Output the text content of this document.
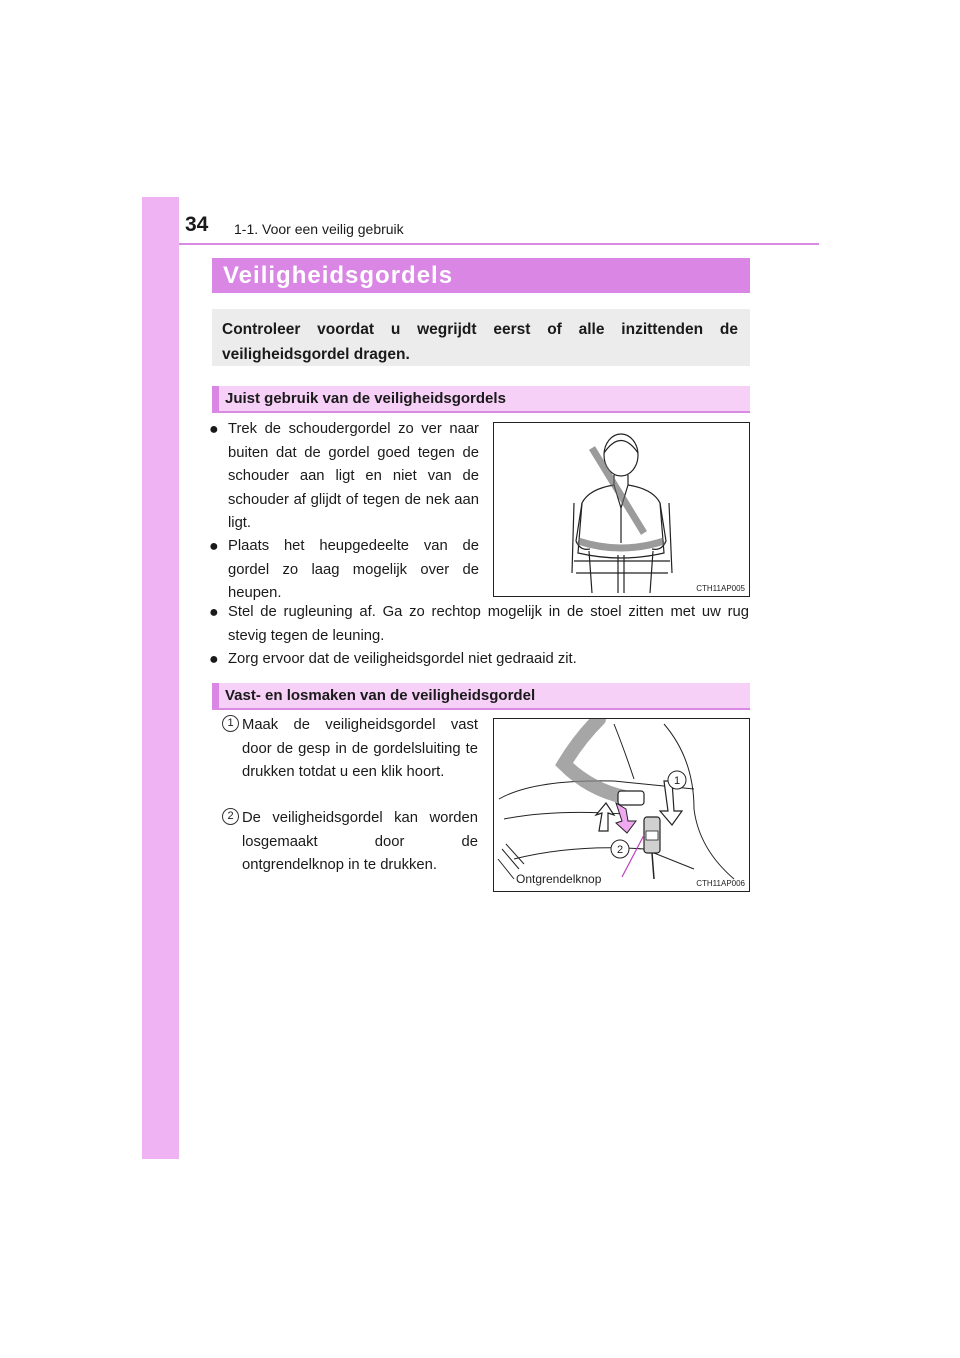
34 1-1. Voor een veilig gebruik
Veiligheidsgordels

Controleer voordat u wegrijdt eerst of alle inzittenden de veiligheidsgordel dragen.

Juist gebruik van de veiligheidsgordels
● Trek de schoudergordel zo ver naar buiten dat de gordel goed tegen de schouder aan ligt en niet van de schouder af glijdt of tegen de nek aan ligt.
● Plaats het heupgedeelte van de gordel zo laag mogelijk over de heupen.
● Stel de rugleuning af. Ga zo rechtop mogelijk in de stoel zitten met uw rug stevig tegen de leuning.
● Zorg ervoor dat de veiligheidsgordel niet gedraaid zit.
CTH11AP005
Vast- en losmaken van de veiligheidsgordel
1 Maak de veiligheidsgordel vast door de gesp in de gordelsluiting te drukken totdat u een klik hoort.
2 De veiligheidsgordel kan worden losgemaakt door de ontgrendelknop in te drukken.
1
2
Ontgrendelknop	CTH11AP006
